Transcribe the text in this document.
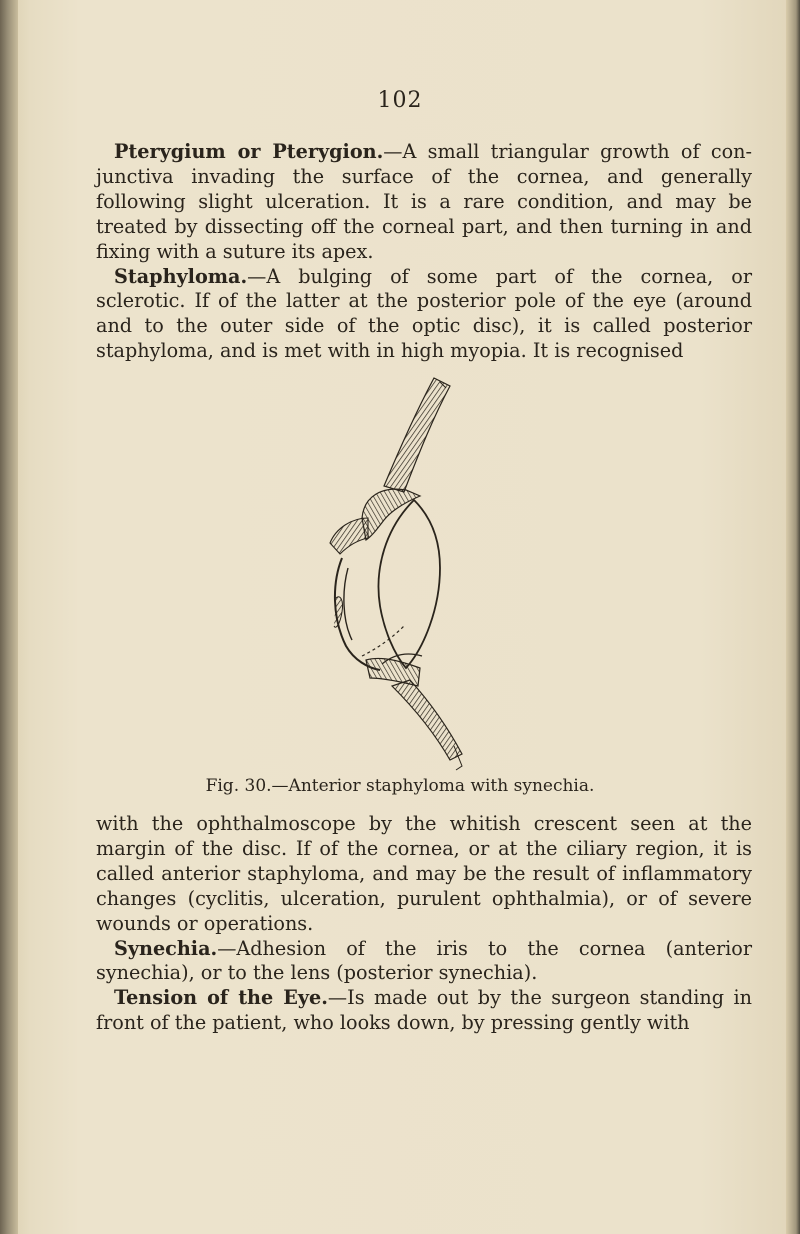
102

Pterygium or Pterygion.—A small triangular growth of conjunctiva invading the surface of the cornea, and generally following slight ulceration. It is a rare condition, and may be treated by dissecting off the corneal part, and then turning in and fixing with a suture its apex.

Staphyloma.—A bulging of some part of the cornea, or sclerotic. If of the latter at the posterior pole of the eye (around and to the outer side of the optic disc), it is called posterior staphyloma, and is met with in high myopia. It is recognised

Fig. 30.—Anterior staphyloma with synechia.

with the ophthalmoscope by the whitish crescent seen at the margin of the disc. If of the cornea, or at the ciliary region, it is called anterior staphyloma, and may be the result of inflammatory changes (cyclitis, ulceration, purulent ophthalmia), or of severe wounds or operations.

Synechia.—Adhesion of the iris to the cornea (anterior synechia), or to the lens (posterior synechia).

Tension of the Eye.—Is made out by the surgeon standing in front of the patient, who looks down, by pressing gently with
